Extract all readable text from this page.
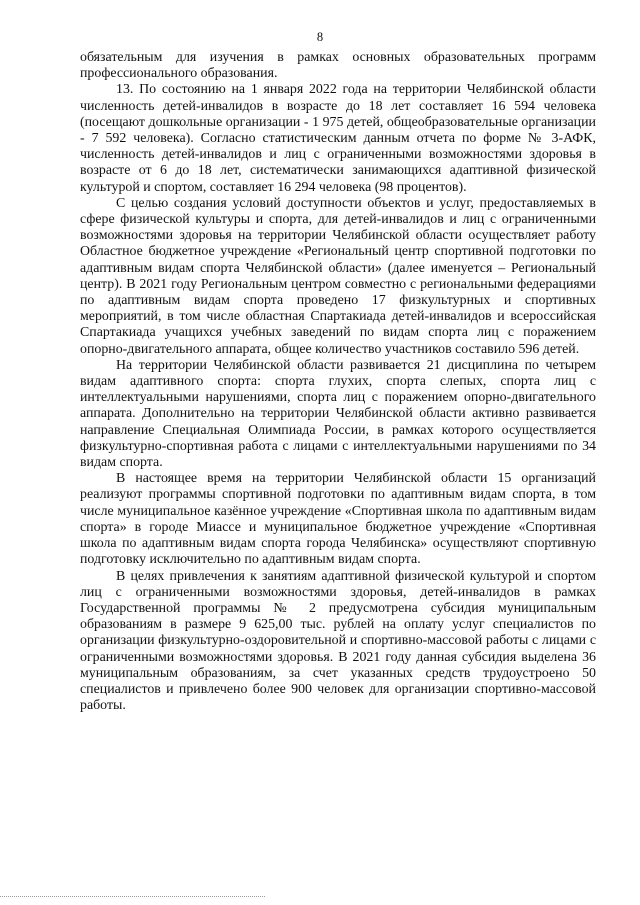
8

обязательным для изучения в рамках основных образовательных программ профессионального образования.

13. По состоянию на 1 января 2022 года на территории Челябинской области численность детей-инвалидов в возрасте до 18 лет составляет 16 594 человека (посещают дошкольные организации - 1 975 детей, общеобразовательные организации - 7 592 человека). Согласно статистическим данным отчета по форме № 3-АФК, численность детей-инвалидов и лиц с ограниченными возможностями здоровья в возрасте от 6 до 18 лет, систематически занимающихся адаптивной физической культурой и спортом, составляет 16 294 человека (98 процентов).

С целью создания условий доступности объектов и услуг, предоставляемых в сфере физической культуры и спорта, для детей-инвалидов и лиц с ограниченными возможностями здоровья на территории Челябинской области осуществляет работу Областное бюджетное учреждение «Региональный центр спортивной подготовки по адаптивным видам спорта Челябинской области» (далее именуется – Региональный центр). В 2021 году Региональным центром совместно с региональными федерациями по адаптивным видам спорта проведено 17 физкультурных и спортивных мероприятий, в том числе областная Спартакиада детей-инвалидов и всероссийская Спартакиада учащихся учебных заведений по видам спорта лиц с поражением опорно-двигательного аппарата, общее количество участников составило 596 детей.

На территории Челябинской области развивается 21 дисциплина по четырем видам адаптивного спорта: спорта глухих, спорта слепых, спорта лиц с интеллектуальными нарушениями, спорта лиц с поражением опорно-двигательного аппарата. Дополнительно на территории Челябинской области активно развивается направление Специальная Олимпиада России, в рамках которого осуществляется физкультурно-спортивная работа с лицами с интеллектуальными нарушениями по 34 видам спорта.

В настоящее время на территории Челябинской области 15 организаций реализуют программы спортивной подготовки по адаптивным видам спорта, в том числе муниципальное казённое учреждение «Спортивная школа по адаптивным видам спорта» в городе Миассе и муниципальное бюджетное учреждение «Спортивная школа по адаптивным видам спорта города Челябинска» осуществляют спортивную подготовку исключительно по адаптивным видам спорта.

В целях привлечения к занятиям адаптивной физической культурой и спортом лиц с ограниченными возможностями здоровья, детей-инвалидов в рамках Государственной программы № 2 предусмотрена субсидия муниципальным образованиям в размере 9 625,00 тыс. рублей на оплату услуг специалистов по организации физкультурно-оздоровительной и спортивно-массовой работы с лицами с ограниченными возможностями здоровья. В 2021 году данная субсидия выделена 36 муниципальным образованиям, за счет указанных средств трудоустроено 50 специалистов и привлечено более 900 человек для организации спортивно-массовой работы.
